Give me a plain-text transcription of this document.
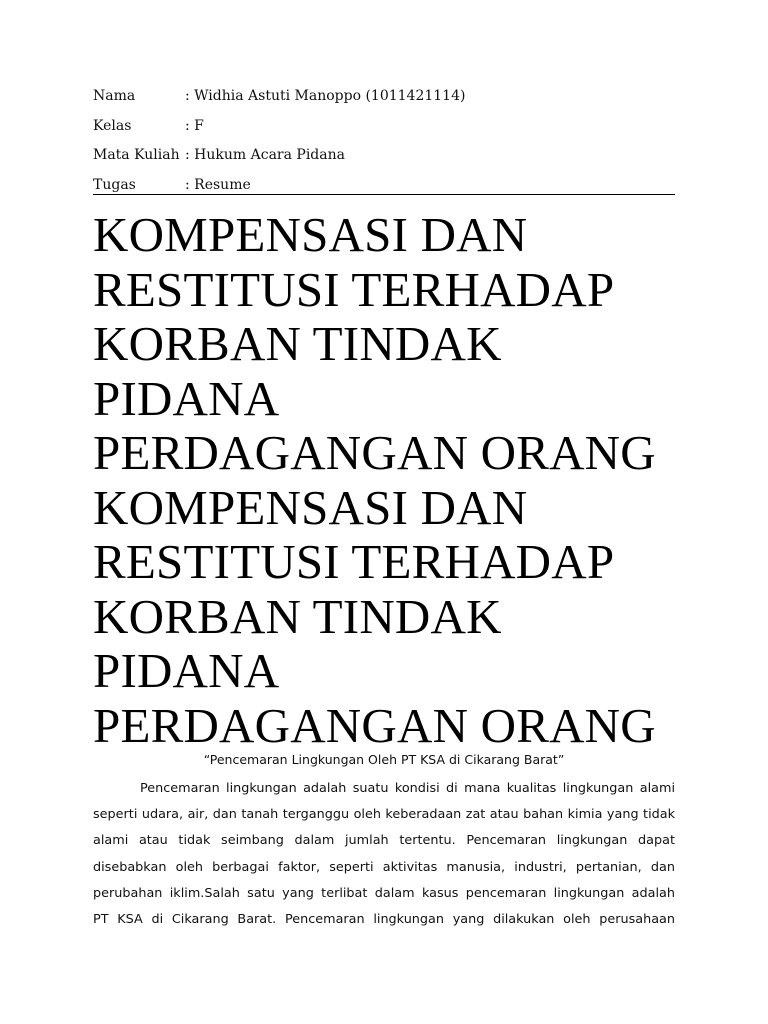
Nama	: Widhia Astuti Manoppo (1011421114)
Kelas	: F
Mata Kuliah : Hukum Acara Pidana
Tugas	: Resume
KOMPENSASI DAN
RESTITUSI TERHADAP
KORBAN TINDAK
PIDANA
PERDAGANGAN ORANG
KOMPENSASI DAN
RESTITUSI TERHADAP
KORBAN TINDAK
PIDANA
PERDAGANGAN ORANG
“Pencemaran Lingkungan Oleh PT KSA di Cikarang Barat”
Pencemaran lingkungan adalah suatu kondisi di mana kualitas lingkungan alami
seperti udara, air, dan tanah terganggu oleh keberadaan zat atau bahan kimia yang tidak
alami atau tidak seimbang dalam jumlah tertentu. Pencemaran lingkungan dapat
disebabkan oleh berbagai faktor, seperti aktivitas manusia, industri, pertanian, dan
perubahan iklim.Salah satu yang terlibat dalam kasus pencemaran lingkungan adalah
PT KSA di Cikarang Barat. Pencemaran lingkungan yang dilakukan oleh perusahaan
